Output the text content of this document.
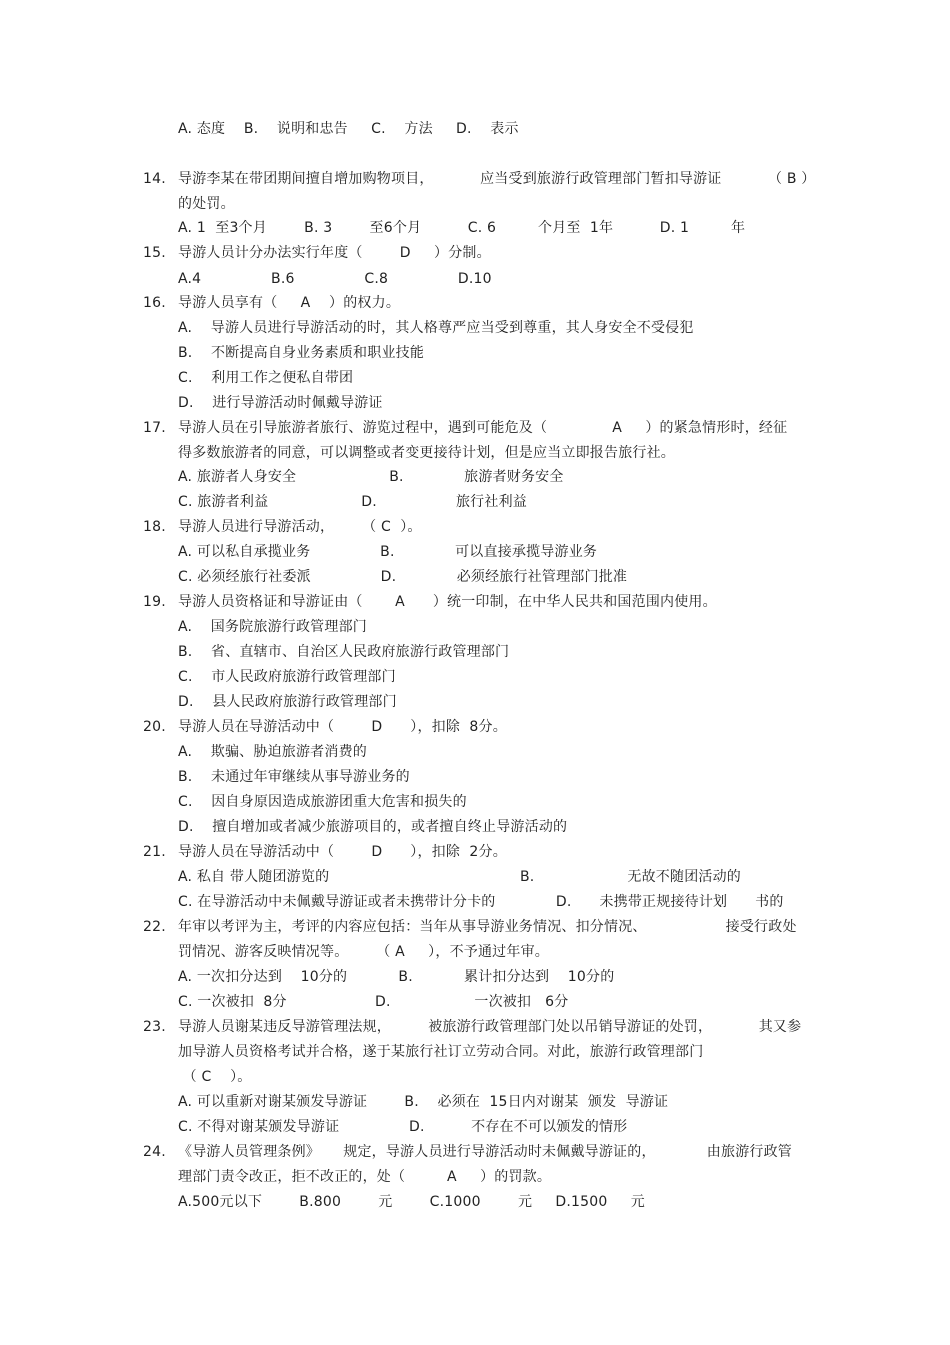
A. 态度    B.    说明和忠告     C.    方法     D.    表示
14. 导游李某在带团期间擅自增加购物项目，          应当受到旅游行政管理部门暂扣导游证          （ B ）
的处罚。
A. 1  至3个月        B. 3        至6个月          C. 6         个月至  1年          D. 1         年
15. 导游人员计分办法实行年度（        D     ）分制。
A.4               B.6               C.8               D.10
16. 导游人员享有（     A    ）的权力。
A.    导游人员进行导游活动的时，其人格尊严应当受到尊重，其人身安全不受侵犯
B.    不断提高自身业务素质和职业技能
C.    利用工作之便私自带团
D.    进行导游活动时佩戴导游证
17. 导游人员在引导旅游者旅行、游览过程中，遇到可能危及（              A     ）的紧急情形时，经征
得多数旅游者的同意，可以调整或者变更接待计划，但是应当立即报告旅行社。
A. 旅游者人身安全                    B.             旅游者财务安全
C. 旅游者利益                    D.                 旅行社利益
18. 导游人员进行导游活动，      （ C  ）。
A. 可以私自承揽业务               B.             可以直接承揽导游业务
C. 必须经旅行社委派               D.             必须经旅行社管理部门批准
19. 导游人员资格证和导游证由（       A      ）统一印制，在中华人民共和国范围内使用。
A.    国务院旅游行政管理部门
B.    省、直辖市、自治区人民政府旅游行政管理部门
C.    市人民政府旅游行政管理部门
D.    县人民政府旅游行政管理部门
20. 导游人员在导游活动中（        D      ），扣除  8分。
A.    欺骗、胁迫旅游者消费的
B.    未通过年审继续从事导游业务的
C.    因自身原因造成旅游团重大危害和损失的
D.    擅自增加或者减少旅游项目的，或者擅自终止导游活动的
21. 导游人员在导游活动中（        D      ），扣除  2分。
A. 私自 带人随团游览的                                         B.                    无故不随团活动的
C. 在导游活动中未佩戴导游证或者未携带计分卡的             D.      未携带正规接待计划      书的
22. 年审以考评为主，考评的内容应包括：当年从事导游业务情况、扣分情况、                 接受行政处
罚情况、游客反映情况等。      （ A     ），不予通过年审。
A. 一次扣分达到    10分的           B.           累计扣分达到    10分的
C. 一次被扣  8分                   D.                  一次被扣   6分
23. 导游人员谢某违反导游管理法规，        被旅游行政管理部门处以吊销导游证的处罚，          其又参
加导游人员资格考试并合格，遂于某旅行社订立劳动合同。对此，旅游行政管理部门
（ C    ）。
A. 可以重新对谢某颁发导游证        B.    必须在  15日内对谢某  颁发  导游证
C. 不得对谢某颁发导游证               D.          不存在不可以颁发的情形
24. 《导游人员管理条例》     规定，导游人员进行导游活动时未佩戴导游证的，           由旅游行政管
理部门责令改正，拒不改正的，处（         A     ）的罚款。
A.500元以下        B.800        元        C.1000        元     D.1500     元
